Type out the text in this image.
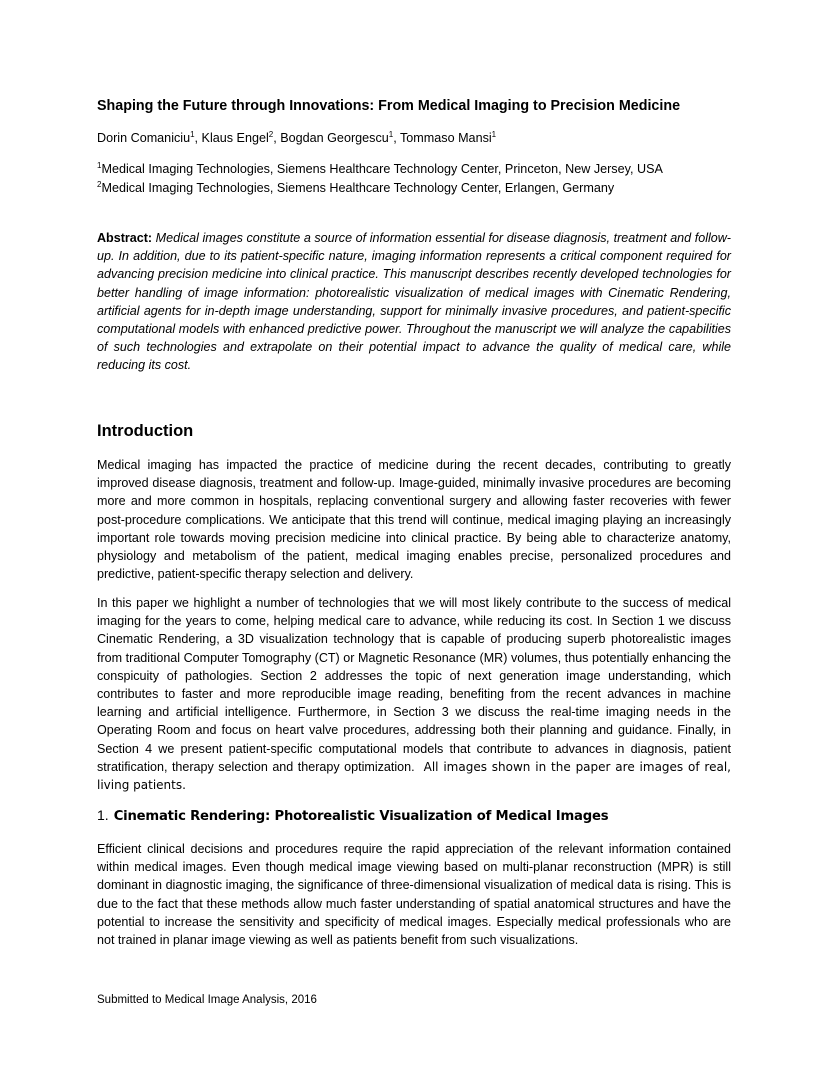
Shaping the Future through Innovations: From Medical Imaging to Precision Medicine
Dorin Comaniciu$^1$, Klaus Engel$^2$, Bogdan Georgescu$^1$, Tommaso Mansi$^1$
$^1$Medical Imaging Technologies, Siemens Healthcare Technology Center, Princeton, New Jersey, USA
$^2$Medical Imaging Technologies, Siemens Healthcare Technology Center, Erlangen, Germany
Abstract: Medical images constitute a source of information essential for disease diagnosis, treatment and follow-up. In addition, due to its patient-specific nature, imaging information represents a critical component required for advancing precision medicine into clinical practice. This manuscript describes recently developed technologies for better handling of image information: photorealistic visualization of medical images with Cinematic Rendering, artificial agents for in-depth image understanding, support for minimally invasive procedures, and patient-specific computational models with enhanced predictive power. Throughout the manuscript we will analyze the capabilities of such technologies and extrapolate on their potential impact to advance the quality of medical care, while reducing its cost.
Introduction

Medical imaging has impacted the practice of medicine during the recent decades, contributing to greatly improved disease diagnosis, treatment and follow-up. Image-guided, minimally invasive procedures are becoming more and more common in hospitals, replacing conventional surgery and allowing faster recoveries with fewer post-procedure complications. We anticipate that this trend will continue, medical imaging playing an increasingly important role towards moving precision medicine into clinical practice. By being able to characterize anatomy, physiology and metabolism of the patient, medical imaging enables precise, personalized procedures and predictive, patient-specific therapy selection and delivery.

In this paper we highlight a number of technologies that we will most likely contribute to the success of medical imaging for the years to come, helping medical care to advance, while reducing its cost. In Section 1 we discuss Cinematic Rendering, a 3D visualization technology that is capable of producing superb photorealistic images from traditional Computer Tomography (CT) or Magnetic Resonance (MR) volumes, thus potentially enhancing the conspicuity of pathologies. Section 2 addresses the topic of next generation image understanding, which contributes to faster and more reproducible image reading, benefiting from the recent advances in machine learning and artificial intelligence. Furthermore, in Section 3 we discuss the real-time imaging needs in the Operating Room and focus on heart valve procedures, addressing both their planning and guidance. Finally, in Section 4 we present patient-specific computational models that contribute to advances in diagnosis, patient stratification, therapy selection and therapy optimization. All images shown in the paper are images of real, living patients.

1. Cinematic Rendering: Photorealistic Visualization of Medical Images

Efficient clinical decisions and procedures require the rapid appreciation of the relevant information contained within medical images. Even though medical image viewing based on multi-planar reconstruction (MPR) is still dominant in diagnostic imaging, the significance of three-dimensional visualization of medical data is rising. This is due to the fact that these methods allow much faster understanding of spatial anatomical structures and have the potential to increase the sensitivity and specificity of medical images. Especially medical professionals who are not trained in planar image viewing as well as patients benefit from such visualizations.

Submitted to Medical Image Analysis, 2016
